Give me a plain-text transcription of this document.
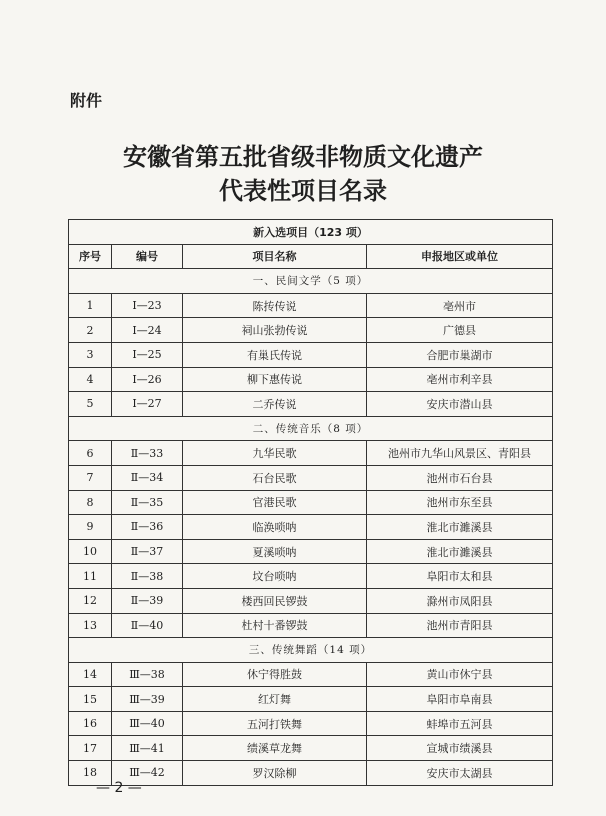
附件
安徽省第五批省级非物质文化遗产
代表性项目名录
新入选项目（123 项）			
序号	编号	项目名称	申报地区或单位
一、民间文学（5 项）			
1	Ⅰ—23	陈抟传说	亳州市
2	Ⅰ—24	祠山张勃传说	广德县
3	Ⅰ—25	有巢氏传说	合肥市巢湖市
4	Ⅰ—26	柳下惠传说	亳州市利辛县
5	Ⅰ—27	二乔传说	安庆市潜山县
二、传统音乐（8 项）			
6	Ⅱ—33	九华民歌	池州市九华山风景区、青阳县
7	Ⅱ—34	石台民歌	池州市石台县
8	Ⅱ—35	官港民歌	池州市东至县
9	Ⅱ—36	临涣唢呐	淮北市濉溪县
10	Ⅱ—37	夏溪唢呐	淮北市濉溪县
11	Ⅱ—38	坟台唢呐	阜阳市太和县
12	Ⅱ—39	楼西回民锣鼓	滁州市凤阳县
13	Ⅱ—40	杜村十番锣鼓	池州市青阳县
三、传统舞蹈（14 项）			
14	Ⅲ—38	休宁得胜鼓	黄山市休宁县
15	Ⅲ—39	红灯舞	阜阳市阜南县
16	Ⅲ—40	五河打铁舞	蚌埠市五河县
17	Ⅲ—41	绩溪草龙舞	宣城市绩溪县
18	Ⅲ—42	罗汉除柳	安庆市太湖县
— 2 —
